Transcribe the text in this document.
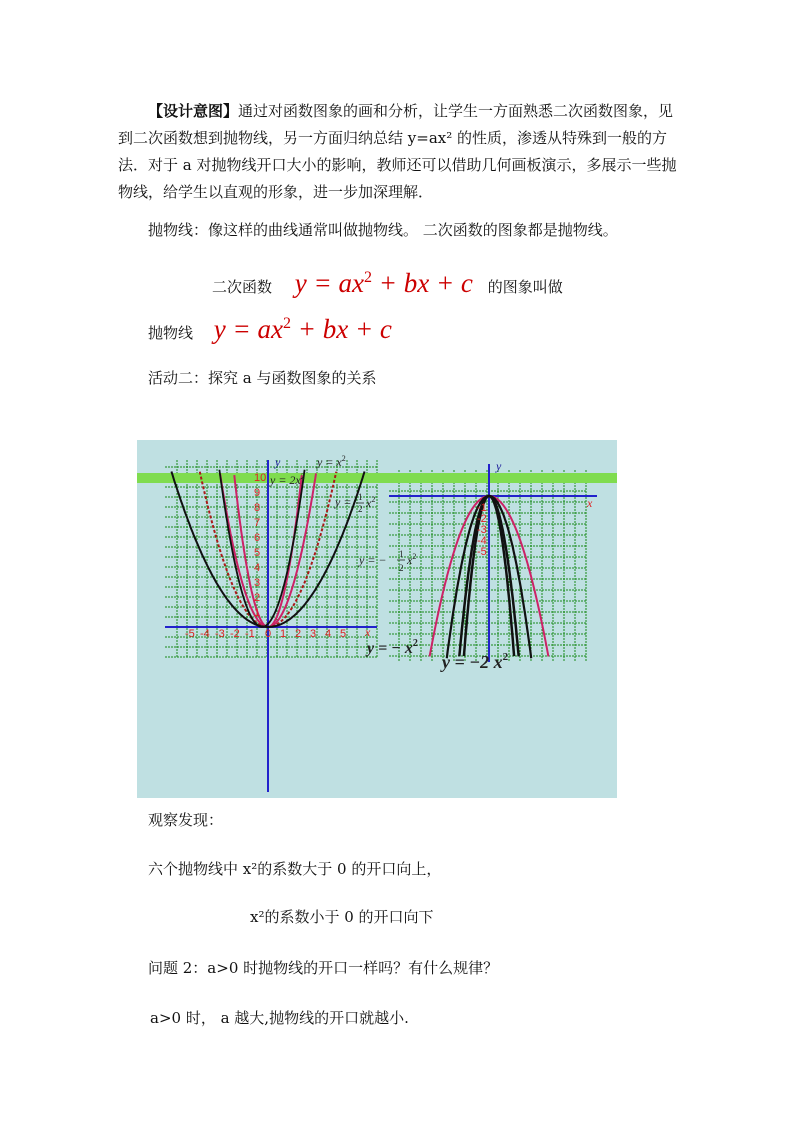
【设计意图】通过对函数图象的画和分析，让学生一方面熟悉二次函数图象，见到二次函数想到抛物线，另一方面归纳总结 y=ax² 的性质，渗透从特殊到一般的方法．对于 a 对抛物线开口大小的影响，教师还可以借助几何画板演示，多展示一些抛物线，给学生以直观的形象，进一步加深理解．
抛物线：像这样的曲线通常叫做抛物线。 二次函数的图象都是抛物线。
二次函数 $y = ax^2$ + bx + c 的图象叫做
抛物线 $y = ax^2$ + bx + c
活动二：探究 a 与函数图象的关系
1
2
3
4
5
6
7
8
9
10
-5 -4 -3 -2 -1 0 1 2 3 4 5
-1
-2
-3
-4
-5
y
x
y
x
$y = x^2$
$y = 2x^2$
y = 1
2 $x^2$
y = − 1
2
$x^2$
y = − $x^2$
y = −2 $x^2$
观察发现：
六个抛物线中 x²的系数大于 0 的开口向上，
x²的系数小于 0 的开口向下
问题 2：a>0 时抛物线的开口一样吗？有什么规律？
a>0 时， a 越大,抛物线的开口就越小.
